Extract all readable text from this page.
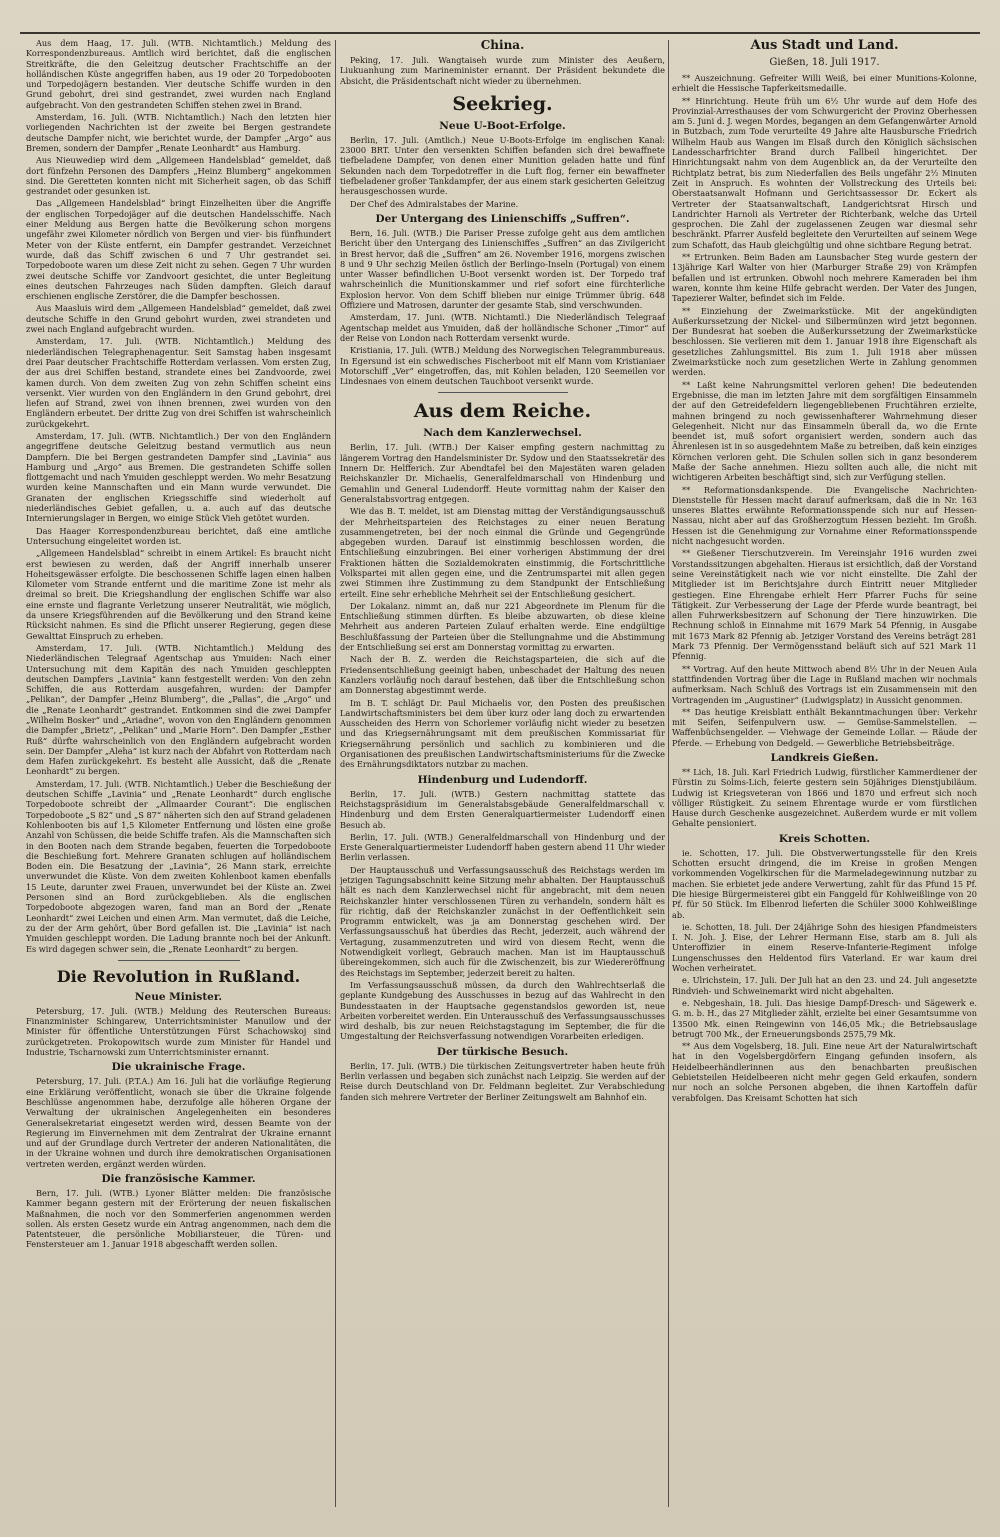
Aus dem Haag, 17. Juli. (WTB. Nichtamtlich.) Meldung des Korrespondenzbureaus. Amtlich wird berichtet, daß die englischen Streitkräfte, die den Geleitzug deutscher Frachtschiffe an der holländischen Küste angegriffen haben, aus 19 oder 20 Torpedobooten und Torpedojägern bestanden. Vier deutsche Schiffe wurden in den Grund gebohrt, drei sind gestrandet, zwei wurden nach England aufgebracht. Von den gestrandeten Schiffen stehen zwei in Brand.

Amsterdam, 16. Juli. (WTB. Nichtamtlich.) Nach den letzten hier vorliegenden Nachrichten ist der zweite bei Bergen gestrandete deutsche Dampfer nicht, wie berichtet wurde, der Dampfer „Argo“ aus Bremen, sondern der Dampfer „Renate Leonhardt“ aus Hamburg.

Aus Nieuwediep wird dem „Allgemeen Handelsblad“ gemeldet, daß dort fünfzehn Personen des Dampfers „Heinz Blumberg“ angekommen sind. Die Geretteten konnten nicht mit Sicherheit sagen, ob das Schiff gestrandet oder gesunken ist.

Das „Allgemeen Handelsblad“ bringt Einzelheiten über die Angriffe der englischen Torpedojäger auf die deutschen Handelsschiffe. Nach einer Meldung aus Bergen hatte die Bevölkerung schon morgens ungefähr zwei Kilometer nördlich von Bergen und vier- bis fünfhundert Meter von der Küste entfernt, ein Dampfer gestrandet. Verzeichnet wurde, daß das Schiff zwischen 6 und 7 Uhr gestrandet sei. Torpedoboote waren um diese Zeit nicht zu sehen. Gegen 7 Uhr wurden zwei deutsche Schiffe vor Zandvoort gesichtet, die unter Begleitung eines deutschen Fahrzeuges nach Süden dampften. Gleich darauf erschienen englische Zerstörer, die die Dampfer beschossen.

Aus Maasluis wird dem „Allgemeen Handelsblad“ gemeldet, daß zwei deutsche Schiffe in den Grund gebohrt wurden, zwei strandeten und zwei nach England aufgebracht wurden.

Amsterdam, 17. Juli. (WTB. Nichtamtlich.) Meldung des niederländischen Telegraphenagentur. Seit Samstag haben insgesamt drei Paar deutscher Frachtschiffe Rotterdam verlassen. Vom ersten Zug, der aus drei Schiffen bestand, strandete eines bei Zandvoorde, zwei kamen durch. Von dem zweiten Zug von zehn Schiffen scheint eins versenkt. Vier wurden von den Engländern in den Grund gebohrt, drei liefen auf Strand, zwei von ihnen brennen, zwei wurden von den Engländern erbeutet. Der dritte Zug von drei Schiffen ist wahrscheinlich zurückgekehrt.

Amsterdam, 17. Juli. (WTB. Nichtamtlich.) Der von den Engländern angegriffene deutsche Geleitzug bestand vermutlich aus neun Dampfern. Die bei Bergen gestrandeten Dampfer sind „Lavinia“ aus Hamburg und „Argo“ aus Bremen. Die gestrandeten Schiffe sollen flottgemacht und nach Ymuiden geschleppt werden. Wo mehr Besatzung wurden keine Mannschaften und ein Mann wurde verwundet. Die Granaten der englischen Kriegsschiffe sind wiederholt auf niederländisches Gebiet gefallen, u. a. auch auf das deutsche Internierungslager in Bergen, wo einige Stück Vieh getötet wurden.

Das Haager Korrespondenzbureau berichtet, daß eine amtliche Untersuchung eingeleitet worden ist.

„Allgemeen Handelsblad“ schreibt in einem Artikel: Es braucht nicht erst bewiesen zu werden, daß der Angriff innerhalb unserer Hoheitsgewässer erfolgte. Die beschossenen Schiffe lagen einen halben Kilometer vom Strande entfernt und die maritime Zone ist mehr als dreimal so breit. Die Kriegshandlung der englischen Schiffe war also eine ernste und flagrante Verletzung unserer Neutralität, wie möglich, da unsere Kriegsführenden auf die Bevölkerung und den Strand keine Rücksicht nahmen. Es sind die Pflicht unserer Regierung, gegen diese Gewalttat Einspruch zu erheben.

Amsterdam, 17. Juli. (WTB. Nichtamtlich.) Meldung des Niederländischen Telegraaf Agentschap aus Ymuiden: Nach einer Untersuchung mit dem Kapitän des nach Ymuiden geschleppten deutschen Dampfers „Lavinia“ kann festgestellt werden: Von den zehn Schiffen, die aus Rotterdam ausgefahren, wurden: der Dampfer „Pelikan“, der Dampfer „Heinz Blumberg“, die „Pallas“, die „Argo“ und die „Renate Leonhardt“ gestrandet. Entkommen sind die zwei Dampfer „Wilhelm Bosker“ und „Ariadne“, wovon von den Engländern genommen die Dampfer „Brietz“, „Pelikan“ und „Marie Horn“. Den Dampfer „Esther Ruß“ dürfte wahrscheinlich von den Engländern aufgebracht worden sein. Der Dampfer „Aleha“ ist kurz nach der Abfahrt von Rotterdam nach dem Hafen zurückgekehrt. Es besteht alle Aussicht, daß die „Renate Leonhardt“ zu bergen.

Amsterdam, 17. Juli. (WTB. Nichtamtlich.) Ueber die Beschießung der deutschen Schiffe „Lavinia“ und „Renate Leonhardt“ durch englische Torpedoboote schreibt der „Allmaarder Courant“: Die englischen Torpedoboote „S 82“ und „S 87“ näherten sich den auf Strand geladenen Kohlenbooten bis auf 1,5 Kilometer Entfernung und lösten eine große Anzahl von Schüssen, die beide Schiffe trafen. Als die Mannschaften sich in den Booten nach dem Strande begaben, feuerten die Torpedoboote die Beschießung fort. Mehrere Granaten schlugen auf holländischem Boden ein. Die Besatzung der „Lavinia“, 26 Mann stark, erreichte unverwundet die Küste. Von dem zweiten Kohlenboot kamen ebenfalls 15 Leute, darunter zwei Frauen, unverwundet bei der Küste an. Zwei Personen sind an Bord zurückgeblieben. Als die englischen Torpedoboote abgezogen waren, fand man an Bord der „Renate Leonhardt“ zwei Leichen und einen Arm. Man vermutet, daß die Leiche, zu der der Arm gehört, über Bord gefallen ist. Die „Lavinia“ ist nach Ymuiden geschleppt worden. Die Ladung brannte noch bei der Ankunft. Es wird dagegen schwer sein, die „Renate Leonhardt“ zu bergen.

Die Revolution in Rußland.
Neue Minister.

Petersburg, 17. Juli. (WTB.) Meldung des Reuterschen Bureaus: Finanzminister Schingarew, Unterrichtsminister Manuilow und der Minister für öffentliche Unterstützungen Fürst Schachowskoj sind zurückgetreten. Prokopowitsch wurde zum Minister für Handel und Industrie, Tscharnowski zum Unterrichtsminister ernannt.

Die ukrainische Frage.

Petersburg, 17. Juli. (P.T.A.) Am 16. Juli hat die vorläufige Regierung eine Erklärung veröffentlicht, wonach sie über die Ukraine folgende Beschlüsse angenommen habe, derzufolge alle höheren Organe der Verwaltung der ukrainischen Angelegenheiten ein besonderes Generalsekretariat eingesetzt werden wird, dessen Beamte von der Regierung im Einvernehmen mit dem Zentralrat der Ukraine ernannt und auf der Grundlage durch Vertreter der anderen Nationalitäten, die in der Ukraine wohnen und durch ihre demokratischen Organisationen vertreten werden, ergänzt werden würden.

Die französische Kammer.

Bern, 17. Juli. (WTB.) Lyoner Blätter melden: Die französische Kammer begann gestern mit der Erörterung der neuen fiskalischen Maßnahmen, die noch vor den Sommerferien angenommen werden sollen. Als ersten Gesetz wurde ein Antrag angenommen, nach dem die Patentsteuer, die persönliche Mobiliarsteuer, die Türen- und Fenstersteuer am 1. Januar 1918 abgeschafft werden sollen.

China.

Peking, 17. Juli. Wangtaiseh wurde zum Minister des Aeußern, Liukuanhung zum Marineminister ernannt. Der Präsident bekundete die Absicht, die Präsidentschaft nicht wieder zu übernehmen.

Seekrieg.
Neue U-Boot-Erfolge.

Berlin, 17. Juli. (Amtlich.) Neue U-Boots-Erfolge im englischen Kanal: 23000 BRT. Unter den versenkten Schiffen befanden sich drei bewaffnete tiefbeladene Dampfer, von denen einer Munition geladen hatte und fünf Sekunden nach dem Torpedotreffer in die Luft flog, ferner ein bewaffneter tiefbeladener großer Tankdampfer, der aus einem stark gesicherten Geleitzug herausgeschossen wurde.

Der Chef des Admiralstabes der Marine.

Der Untergang des Linienschiffs „Suffren“.

Bern, 16. Juli. (WTB.) Die Pariser Presse zufolge geht aus dem amtlichen Bericht über den Untergang des Linienschiffes „Suffren“ an das Zivilgericht in Brest hervor, daß die „Suffren“ am 26. November 1916, morgens zwischen 8 und 9 Uhr sechzig Meilen östlich der Berlingo-Inseln (Portugal) von einem unter Wasser befindlichen U-Boot versenkt worden ist. Der Torpedo traf wahrscheinlich die Munitionskammer und rief sofort eine fürchterliche Explosion hervor. Von dem Schiff blieben nur einige Trümmer übrig. 648 Offiziere und Matrosen, darunter der gesamte Stab, sind verschwunden.

Amsterdam, 17. Juni. (WTB. Nichtamtl.) Die Niederländisch Telegraaf Agentschap meldet aus Ymuiden, daß der holländische Schoner „Timor“ auf der Reise von London nach Rotterdam versenkt wurde.

Kristiania, 17. Juli. (WTB.) Meldung des Norwegischen Telegrammbureaus. In Egersund ist ein schwedisches Fischerboot mit elf Mann vom Kristianiaer Motorschiff „Ver“ eingetroffen, das, mit Kohlen beladen, 120 Seemeilen vor Lindesnaes von einem deutschen Tauchboot versenkt wurde.

Aus dem Reiche.
Nach dem Kanzlerwechsel.

Berlin, 17. Juli. (WTB.) Der Kaiser empfing gestern nachmittag zu längerem Vortrag den Handelsminister Dr. Sydow und den Staatssekretär des Innern Dr. Helfferich. Zur Abendtafel bei den Majestäten waren geladen Reichskanzler Dr. Michaelis, Generalfeldmarschall von Hindenburg und Gemahlin und General Ludendorff. Heute vormittag nahm der Kaiser den Generalstabsvortrag entgegen.

Wie das B. T. meldet, ist am Dienstag mittag der Verständigungsausschuß der Mehrheitsparteien des Reichstages zu einer neuen Beratung zusammengetreten, bei der noch einmal die Gründe und Gegengründe abgegeben wurden. Darauf ist einstimmig beschlossen worden, die Entschließung einzubringen. Bei einer vorherigen Abstimmung der drei Fraktionen hätten die Sozialdemokraten einstimmig, die Fortschrittliche Volkspartei mit allen gegen eine, und die Zentrumspartei mit allen gegen zwei Stimmen ihre Zustimmung zu dem Standpunkt der Entschließung erteilt. Eine sehr erhebliche Mehrheit sei der Entschließung gesichert.

Der Lokalanz. nimmt an, daß nur 221 Abgeordnete im Plenum für die Entschließung stimmen dürften. Es bleibe abzuwarten, ob diese kleine Mehrheit aus anderen Parteien Zulauf erhalten werde. Eine endgültige Beschlußfassung der Parteien über die Stellungnahme und die Abstimmung der Entschließung sei erst am Donnerstag vormittag zu erwarten.

Nach der B. Z. werden die Reichstagsparteien, die sich auf die Friedensentschließung geeinigt haben, unbeschadet der Haltung des neuen Kanzlers vorläufig noch darauf bestehen, daß über die Entschließung schon am Donnerstag abgestimmt werde.

Im B. T. schlägt Dr. Paul Michaelis vor, den Posten des preußischen Landwirtschaftsministers bei dem über kurz oder lang doch zu erwartenden Ausscheiden des Herrn von Schorlemer vorläufig nicht wieder zu besetzen und das Kriegsernährungsamt mit dem preußischen Kommissariat für Kriegsernährung persönlich und sachlich zu kombinieren und die Organisationen des preußischen Landwirtschaftsministeriums für die Zwecke des Ernährungsdiktators nutzbar zu machen.

Hindenburg und Ludendorff.

Berlin, 17. Juli. (WTB.) Gestern nachmittag stattete das Reichstagspräsidium im Generalstabsgebäude Generalfeldmarschall v. Hindenburg und dem Ersten Generalquartiermeister Ludendorff einen Besuch ab.

Berlin, 17. Juli. (WTB.) Generalfeldmarschall von Hindenburg und der Erste Generalquartiermeister Ludendorff haben gestern abend 11 Uhr wieder Berlin verlassen.

Der Hauptausschuß und Verfassungsausschuß des Reichstags werden im jetzigen Tagungsabschnitt keine Sitzung mehr abhalten. Der Hauptausschuß hält es nach dem Kanzlerwechsel nicht für angebracht, mit dem neuen Reichskanzler hinter verschlossenen Türen zu verhandeln, sondern hält es für richtig, daß der Reichskanzler zunächst in der Oeffentlichkeit sein Programm entwickelt, was ja am Donnerstag geschehen wird. Der Verfassungsausschuß hat überdies das Recht, jederzeit, auch während der Vertagung, zusammenzutreten und wird von diesem Recht, wenn die Notwendigkeit vorliegt, Gebrauch machen. Man ist im Hauptausschuß übereingekommen, sich auch für die Zwischenzeit, bis zur Wiedereröffnung des Reichstags im September, jederzeit bereit zu halten.

Im Verfassungsausschuß müssen, da durch den Wahlrechtserlaß die geplante Kundgebung des Ausschusses in bezug auf das Wahlrecht in den Bundesstaaten in der Hauptsache gegenstandslos geworden ist, neue Arbeiten vorbereitet werden. Ein Unterausschuß des Verfassungsausschusses wird deshalb, bis zur neuen Reichstagstagung im September, die für die Umgestaltung der Reichsverfassung notwendigen Vorarbeiten erledigen.

Der türkische Besuch.

Berlin, 17. Juli. (WTB.) Die türkischen Zeitungsvertreter haben heute früh Berlin verlassen und begaben sich zunächst nach Leipzig. Sie werden auf der Reise durch Deutschland von Dr. Feldmann begleitet. Zur Verabschiedung fanden sich mehrere Vertreter der Berliner Zeitungswelt am Bahnhof ein.

Aus Stadt und Land.
Gießen, 18. Juli 1917.

** Auszeichnung. Gefreiter Willi Weiß, bei einer Munitions-Kolonne, erhielt die Hessische Tapferkeitsmedaille.

** Hinrichtung. Heute früh um 6½ Uhr wurde auf dem Hofe des Provinzial-Arresthauses der vom Schwurgericht der Provinz Oberhessen am 5. Juni d. J. wegen Mordes, begangen an dem Gefangenwärter Arnold in Butzbach, zum Tode verurteilte 49 Jahre alte Hausbursche Friedrich Wilhelm Haub aus Wangen im Elsaß durch den Königlich sächsischen Landesscharfrichter Brand durch Fallbeil hingerichtet. Der Hinrichtungsakt nahm von dem Augenblick an, da der Verurteilte den Richtplatz betrat, bis zum Niederfallen des Beils ungefähr 2½ Minuten Zeit in Anspruch. Es wohnten der Vollstreckung des Urteils bei: Oberstaatsanwalt Hofmann und Gerichtsassessor Dr. Eckert als Vertreter der Staatsanwaltschaft, Landgerichtsrat Hirsch und Landrichter Harnoli als Vertreter der Richterbank, welche das Urteil gesprochen. Die Zahl der zugelassenen Zeugen war diesmal sehr beschränkt. Pfarrer Ausfeld begleitete den Verurteilten auf seinem Wege zum Schafott, das Haub gleichgültig und ohne sichtbare Regung betrat.

** Ertrunken. Beim Baden am Launsbacher Steg wurde gestern der 13jährige Karl Walter von hier (Marburger Straße 29) von Krämpfen befallen und ist ertrunken. Obwohl noch mehrere Kameraden bei ihm waren, konnte ihm keine Hilfe gebracht werden. Der Vater des Jungen, Tapezierer Walter, befindet sich im Felde.

** Einziehung der Zweimarkstücke. Mit der angekündigten Außerkurssetzung der Nickel- und Silbermünzen wird jetzt begonnen. Der Bundesrat hat soeben die Außerkurssetzung der Zweimarkstücke beschlossen. Sie verlieren mit dem 1. Januar 1918 ihre Eigenschaft als gesetzliches Zahlungsmittel. Bis zum 1. Juli 1918 aber müssen Zweimarkstücke noch zum gesetzlichen Werte in Zahlung genommen werden.

** Laßt keine Nahrungsmittel verloren gehen! Die bedeutenden Ergebnisse, die man im letzten Jahre mit dem sorgfältigen Einsammeln der auf den Getreidefeldern liegengebliebenen Fruchtähren erzielte, mahnen bringend zu noch gewissenhafterer Wahrnehmung dieser Gelegenheit. Nicht nur das Einsammeln überall da, wo die Ernte beendet ist, muß sofort organisiert werden, sondern auch das Ährenlesen ist in so ausgedehntem Maße zu betreiben, daß kein einziges Körnchen verloren geht. Die Schulen sollen sich in ganz besonderem Maße der Sache annehmen. Hiezu sollten auch alle, die nicht mit wichtigeren Arbeiten beschäftigt sind, sich zur Verfügung stellen.

** Reformationsdankspende. Die Evangelische Nachrichten-Dienststelle für Hessen macht darauf aufmerksam, daß die in Nr. 163 unseres Blattes erwähnte Reformationsspende sich nur auf Hessen-Nassau, nicht aber auf das Großherzogtum Hessen bezieht. Im Großh. Hessen ist die Genehmigung zur Vornahme einer Reformationsspende nicht nachgesucht worden.

** Gießener Tierschutzverein. Im Vereinsjahr 1916 wurden zwei Vorstandssitzungen abgehalten. Hieraus ist ersichtlich, daß der Vorstand seine Vereinstätigkeit nach wie vor nicht einstellte. Die Zahl der Mitglieder ist im Berichtsjahre durch Eintritt neuer Mitglieder gestiegen. Eine Ehrengabe erhielt Herr Pfarrer Fuchs für seine Tätigkeit. Zur Verbesserung der Lage der Pferde wurde beantragt, bei allen Fuhrwerksbesitzern auf Schonung der Tiere hinzuwirken. Die Rechnung schloß in Einnahme mit 1679 Mark 54 Pfennig, in Ausgabe mit 1673 Mark 82 Pfennig ab. Jetziger Vorstand des Vereins beträgt 281 Mark 73 Pfennig. Der Vermögensstand beläuft sich auf 521 Mark 11 Pfennig.

** Vortrag. Auf den heute Mittwoch abend 8½ Uhr in der Neuen Aula stattfindenden Vortrag über die Lage in Rußland machen wir nochmals aufmerksam. Nach Schluß des Vortrags ist ein Zusammensein mit den Vortragenden im „Augustiner“ (Ludwigsplatz) in Aussicht genommen.

** Das heutige Kreisblatt enthält Bekanntmachungen über: Verkehr mit Seifen, Seifenpulvern usw. — Gemüse-Sammelstellen. — Waffenbüchsengelder. — Viehwage der Gemeinde Lollar. — Räude der Pferde. — Erhebung von Dedgeld. — Gewerbliche Betriebsbeiträge.

Landkreis Gießen.

** Lich, 18. Juli. Karl Friedrich Ludwig, fürstlicher Kammerdiener der Fürstin zu Solms-Lich, feierte gestern sein 50jähriges Dienstjubiläum. Ludwig ist Kriegsveteran von 1866 und 1870 und erfreut sich noch völliger Rüstigkeit. Zu seinem Ehrentage wurde er vom fürstlichen Hause durch Geschenke ausgezeichnet. Außerdem wurde er mit vollem Gehalte pensioniert.

Kreis Schotten.

ie. Schotten, 17. Juli. Die Obstverwertungsstelle für den Kreis Schotten ersucht dringend, die im Kreise in großen Mengen vorkommenden Vogelkirschen für die Marmeladegewinnung nutzbar zu machen. Sie erbietet jede andere Verwertung, zahlt für das Pfund 15 Pf. Die hiesige Bürgermeisterei gibt ein Fanggeld für Kohlweißlinge von 20 Pf. für 50 Stück. Im Elbenrod lieferten die Schüler 3000 Kohlweißlinge ab.

ie. Schotten, 18. Juli. Der 24jährige Sohn des hiesigen Pfandmeisters I. N. Joh. J. Eise, der Lehrer Hermann Eise, starb am 8. Juli als Unteroffizier in einem Reserve-Infanterie-Regiment infolge Lungenschusses den Heldentod fürs Vaterland. Er war kaum drei Wochen verheiratet.

e. Ulrichstein, 17. Juli. Der Juli hat an den 23. und 24. Juli angesetzte Rindvieh- und Schweinemarkt wird nicht abgehalten.

e. Nebgeshain, 18. Juli. Das hiesige Dampf-Dresch- und Sägewerk e. G. m. b. H., das 27 Mitglieder zählt, erzielte bei einer Gesamtsumme von 13500 Mk. einen Reingewinn von 146,05 Mk.; die Betriebsauslage betrugt 700 Mk., der Erneuerungsbonds 2575,79 Mk.

** Aus dem Vogelsberg, 18. Juli. Eine neue Art der Naturalwirtschaft hat in den Vogelsbergdörfern Eingang gefunden insofern, als Heidelbeerhändlerinnen aus den benachbarten preußischen Gebietsteilen Heidelbeeren nicht mehr gegen Geld erkaufen, sondern nur noch an solche Personen abgeben, die ihnen Kartoffeln dafür verabfolgen. Das Kreisamt Schotten hat sich
